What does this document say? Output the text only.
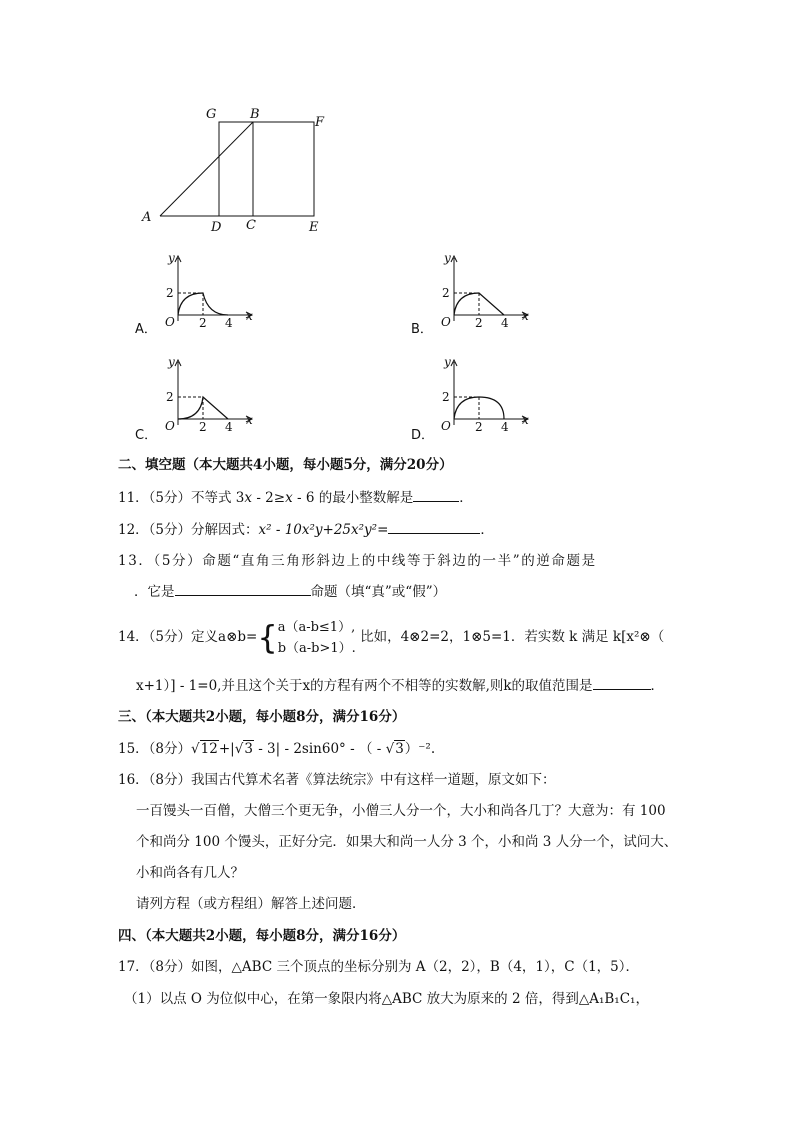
G	B
F
A
D C	E
A．
y
x
O 2 4
2
B．
y
x
O 2 4
2
C．
y
x
O 2 4
2
D．
y
x
O 2 4
2
二、填空题（本大题共4小题，每小题5分，满分20分）
11．（5分）不等式 3x - 2≥x - 6 的最小整数解是	．
12．（5分）分解因式：x² - 10x²y+25x²y²=	．
13．（5分）命题“直角三角形斜边上的中线等于斜边的一半”的逆命题是
．它是	命题（填“真”或“假”）
14．（5分）定义a⊗b={a（a-b≤1）,
b（a-b>1）. 比如，4⊗2=2，1⊗5=1．若实数 k 满足 k[x²⊗（
x+1）] - 1=0,并且这个关于x的方程有两个不相等的实数解,则k的取值范围是	．
三、（本大题共2小题，每小题8分，满分16分）
15．（8分）√12+|√3 - 3| - 2sin60° - （ - √3）⁻².
16．（8分）我国古代算术名著《算法统宗》中有这样一道题，原文如下：
一百馒头一百僧，大僧三个更无争，小僧三人分一个，大小和尚各几丁？大意为：有 100
个和尚分 100 个馒头，正好分完．如果大和尚一人分 3 个，小和尚 3 人分一个，试问大、
小和尚各有几人？
请列方程（或方程组）解答上述问题．
四、（本大题共2小题，每小题8分，满分16分）
17．（8分）如图，△ABC 三个顶点的坐标分别为 A（2，2），B（4，1），C（1，5）．
（1）以点 O 为位似中心，在第一象限内将△ABC 放大为原来的 2 倍，得到△A₁B₁C₁，
